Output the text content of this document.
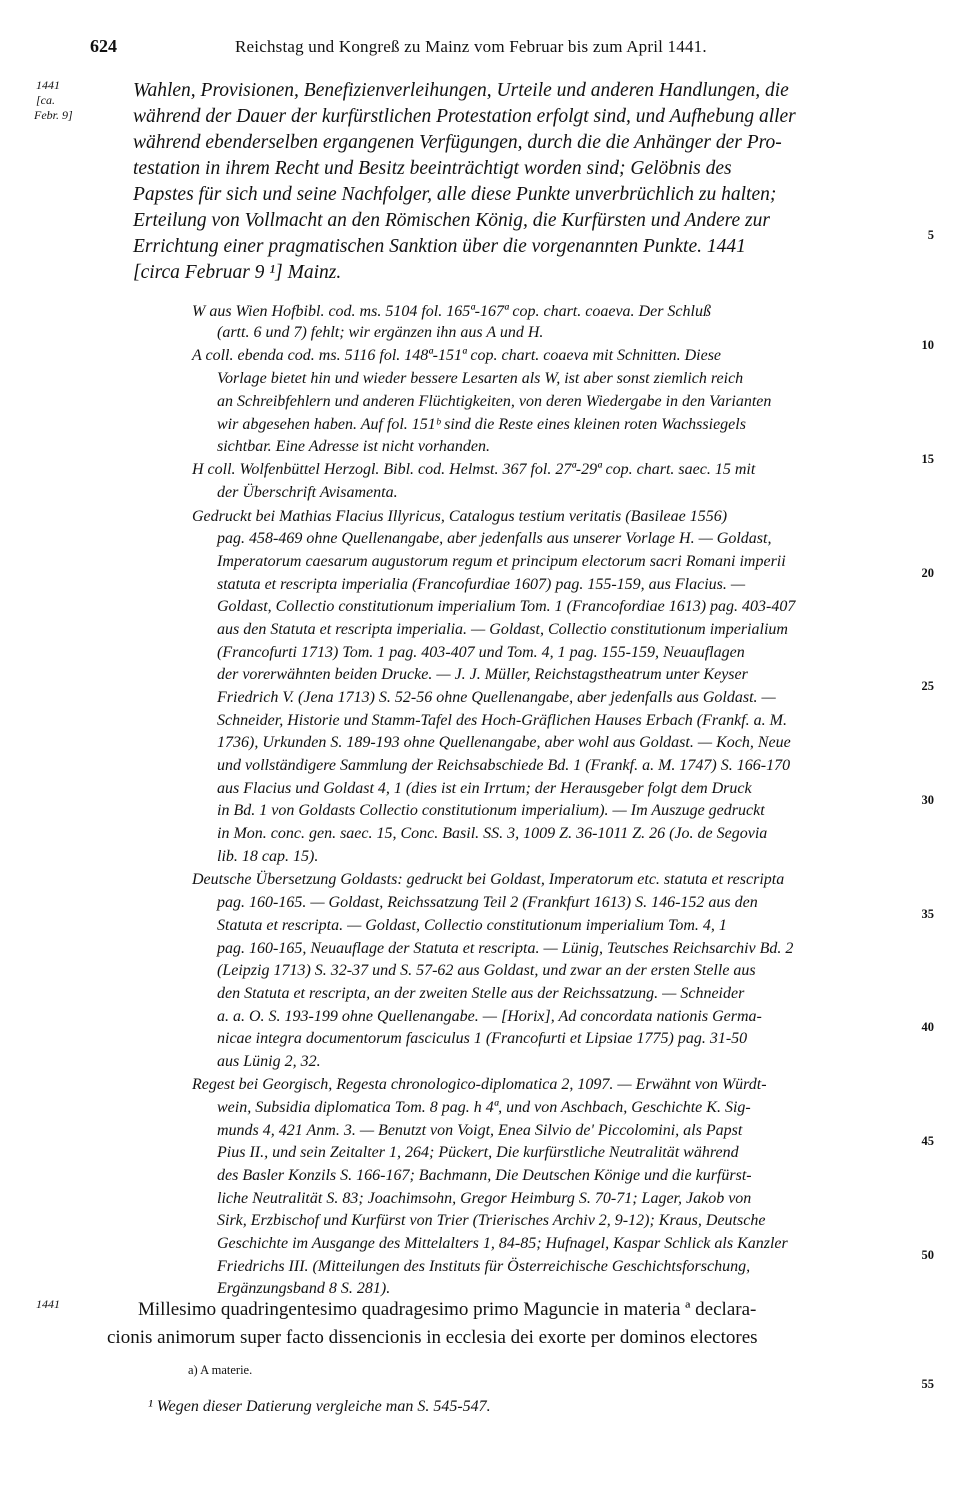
624	Reichstag und Kongreß zu Mainz vom Februar bis zum April 1441.
1441
[ca.
Febr. 9]
1441
Wahlen, Provisionen, Benefizienverleihungen, Urteile und anderen Handlungen, die
während der Dauer der kurfürstlichen Protestation erfolgt sind, und Aufhebung aller
während ebenderselben ergangenen Verfügungen, durch die die Anhänger der Pro-
testation in ihrem Recht und Besitz beeinträchtigt worden sind; Gelöbnis des
Papstes für sich und seine Nachfolger, alle diese Punkte unverbrüchlich zu halten;
Erteilung von Vollmacht an den Römischen König, die Kurfürsten und Andere zur
Errichtung einer pragmatischen Sanktion über die vorgenannten Punkte. 1441
[circa Februar 9 ¹] Mainz.
W aus Wien Hofbibl. cod. ms. 5104 fol. 165ª-167ª cop. chart. coaeva. Der Schluß
(artt. 6 und 7) fehlt; wir ergänzen ihn aus A und H.
A coll. ebenda cod. ms. 5116 fol. 148ª-151ª cop. chart. coaeva mit Schnitten. Diese
Vorlage bietet hin und wieder bessere Lesarten als W, ist aber sonst ziemlich reich
an Schreibfehlern und anderen Flüchtigkeiten, von deren Wiedergabe in den Varianten
wir abgesehen haben. Auf fol. 151ᵇ sind die Reste eines kleinen roten Wachssiegels
sichtbar. Eine Adresse ist nicht vorhanden.
H coll. Wolfenbüttel Herzogl. Bibl. cod. Helmst. 367 fol. 27ª-29ª cop. chart. saec. 15 mit
der Überschrift Avisamenta.
Gedruckt bei Mathias Flacius Illyricus, Catalogus testium veritatis (Basileae 1556)
pag. 458-469 ohne Quellenangabe, aber jedenfalls aus unserer Vorlage H. — Goldast,
Imperatorum caesarum augustorum regum et principum electorum sacri Romani imperii
statuta et rescripta imperialia (Francofurdiae 1607) pag. 155-159, aus Flacius. —
Goldast, Collectio constitutionum imperialium Tom. 1 (Francofordiae 1613) pag. 403-407
aus den Statuta et rescripta imperialia. — Goldast, Collectio constitutionum imperialium
(Francofurti 1713) Tom. 1 pag. 403-407 und Tom. 4, 1 pag. 155-159, Neuauflagen
der vorerwähnten beiden Drucke. — J. J. Müller, Reichstagstheatrum unter Keyser
Friedrich V. (Jena 1713) S. 52-56 ohne Quellenangabe, aber jedenfalls aus Goldast. —
Schneider, Historie und Stamm-Tafel des Hoch-Gräflichen Hauses Erbach (Frankf. a. M.
1736), Urkunden S. 189-193 ohne Quellenangabe, aber wohl aus Goldast. — Koch, Neue
und vollständigere Sammlung der Reichsabschiede Bd. 1 (Frankf. a. M. 1747) S. 166-170
aus Flacius und Goldast 4, 1 (dies ist ein Irrtum; der Herausgeber folgt dem Druck
in Bd. 1 von Goldasts Collectio constitutionum imperialium). — Im Auszuge gedruckt
in Mon. conc. gen. saec. 15, Conc. Basil. SS. 3, 1009 Z. 36-1011 Z. 26 (Jo. de Segovia
lib. 18 cap. 15).
Deutsche Übersetzung Goldasts: gedruckt bei Goldast, Imperatorum etc. statuta et rescripta
pag. 160-165. — Goldast, Reichssatzung Teil 2 (Frankfurt 1613) S. 146-152 aus den
Statuta et rescripta. — Goldast, Collectio constitutionum imperialium Tom. 4, 1
pag. 160-165, Neuauflage der Statuta et rescripta. — Lünig, Teutsches Reichsarchiv Bd. 2
(Leipzig 1713) S. 32-37 und S. 57-62 aus Goldast, und zwar an der ersten Stelle aus
den Statuta et rescripta, an der zweiten Stelle aus der Reichssatzung. — Schneider
a. a. O. S. 193-199 ohne Quellenangabe. — [Horix], Ad concordata nationis Germa-
nicae integra documentorum fasciculus 1 (Francofurti et Lipsiae 1775) pag. 31-50
aus Lünig 2, 32.
Regest bei Georgisch, Regesta chronologico-diplomatica 2, 1097. — Erwähnt von Würdt-
wein, Subsidia diplomatica Tom. 8 pag. h 4ª, und von Aschbach, Geschichte K. Sig-
munds 4, 421 Anm. 3. — Benutzt von Voigt, Enea Silvio de' Piccolomini, als Papst
Pius II., und sein Zeitalter 1, 264; Pückert, Die kurfürstliche Neutralität während
des Basler Konzils S. 166-167; Bachmann, Die Deutschen Könige und die kurfürst-
liche Neutralität S. 83; Joachimsohn, Gregor Heimburg S. 70-71; Lager, Jakob von
Sirk, Erzbischof und Kurfürst von Trier (Trierisches Archiv 2, 9-12); Kraus, Deutsche
Geschichte im Ausgange des Mittelalters 1, 84-85; Hufnagel, Kaspar Schlick als Kanzler
Friedrichs III. (Mitteilungen des Instituts für Österreichische Geschichtsforschung,
Ergänzungsband 8 S. 281).
Millesimo quadringentesimo quadragesimo primo Maguncie in materia ª declara-
cionis animorum super facto dissencionis in ecclesia dei exorte per dominos electores
a) A materie.
¹ Wegen dieser Datierung vergleiche man S. 545-547.
5
10
15
20
25
30
35
40
45
50
55
